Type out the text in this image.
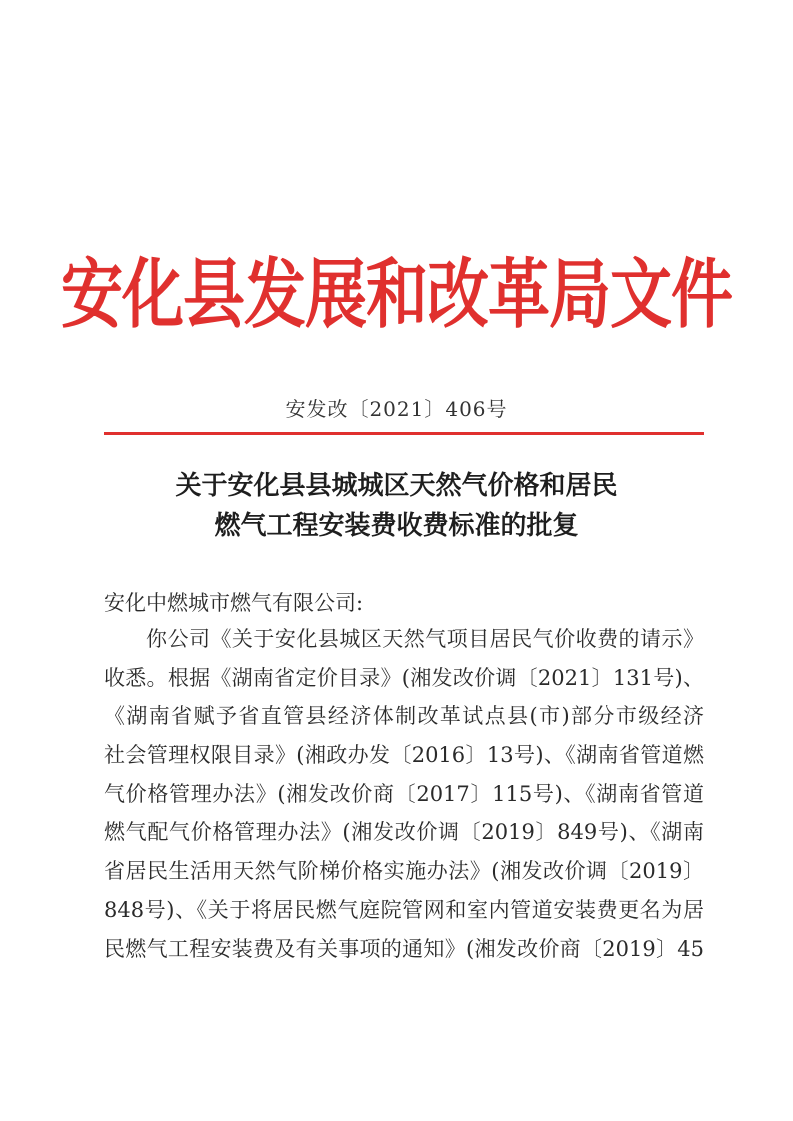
安化县发展和改革局文件
安发改〔2021〕406号
关于安化县县城城区天然气价格和居民
燃气工程安装费收费标准的批复
安化中燃城市燃气有限公司:
你公司《关于安化县城区天然气项目居民气价收费的请示》
收悉。根据《湖南省定价目录》(湘发改价调〔2021〕131号)、
《湖南省赋予省直管县经济体制改革试点县(市)部分市级经济
社会管理权限目录》(湘政办发〔2016〕13号)、《湖南省管道燃
气价格管理办法》(湘发改价商〔2017〕115号)、《湖南省管道
燃气配气价格管理办法》(湘发改价调〔2019〕849号)、《湖南
省居民生活用天然气阶梯价格实施办法》(湘发改价调〔2019〕
848号)、《关于将居民燃气庭院管网和室内管道安装费更名为居
民燃气工程安装费及有关事项的通知》(湘发改价商〔2019〕45
